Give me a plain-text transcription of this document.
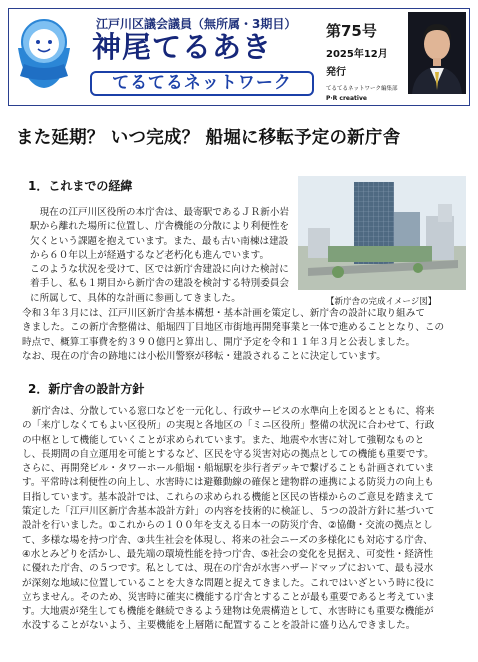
江戸川区議会議員（無所属・3期目）
神尾てるあき
てるてるネットワーク
第75号
2025年12月
発行
てるてるネットワーク編集部
P·R creative
また延期？ いつ完成？ 船堀に移転予定の新庁舎
1．これまでの経緯
　現在の江戸川区役所の本庁舎は、最寄駅であるＪＲ新小岩
駅から離れた場所に位置し、庁舎機能の分散により利便性を
欠くという課題を抱えています。また、最も古い南棟は建設
から６０年以上が経過するなど老朽化も進んでいます。
このような状況を受けて、区では新庁舎建設に向けた検討に
着手し、私も１期目から新庁舎の建設を検討する特別委員会
に所属して、具体的な計画に参画してきました。	【新庁舎の完成イメージ図】
令和３年３月には、江戸川区新庁舎基本構想・基本計画を策定し、新庁舎の設計に取り組みて
きました。この新庁舎整備は、船堀四丁目地区市街地再開発事業と一体で進めることとなり、この
時点で、概算工事費を約３９０億円と算出し、開庁予定を令和１１年３月と公表しました。
なお、現在の庁舎の跡地には小松川警察が移転・建設されることに決定しています。
2．新庁舎の設計方針
　新庁舎は、分散している窓口などを一元化し、行政サービスの水準向上を図るとともに、将来
の「来庁しなくてもよい区役所」の実現と各地区の「ミニ区役所」整備の状況に合わせて、行政
の中枢として機能していくことが求められています。また、地震や水害に対して強靭なものと
し、長期間の自立運用を可能とするなど、区民を守る災害対応の拠点としての機能も重要です。
さらに、再開発ビル・タワーホール船堀・船堀駅を歩行者デッキで繋げることも計画されていま
す。平常時は利便性の向上し、水害時には避難動線の確保と建物群の連携による防災力の向上も
目指しています。基本設計では、これらの求められる機能と区民の皆様からのご意見を踏まえて
策定した「江戸川区新庁舎基本設計方針」の内容を技術的に検証し、５つの設計方針に基づいて
設計を行いました。①これからの１００年を支える日本一の防災庁舎、②協働・交流の拠点とし
て、多様な場を持つ庁舎、③共生社会を体現し、将来の社会ニーズの多様化にも対応する庁舎、
④水とみどりを活かし、最先端の環境性能を持つ庁舎、⑤社会の変化を見据え、可変性・経済性
に優れた庁舎、の５つです。私としては、現在の庁舎が水害ハザードマップにおいて、最も浸水
が深刻な地域に位置していることを大きな問題と捉えてきました。これではいざという時に役に
立ちません。そのため、災害時に確実に機能する庁舎とすることが最も重要であると考えていま
す。大地震が発生しても機能を継続できるよう建物は免震構造として、水害時にも重要な機能が
水没することがないよう、主要機能を上層階に配置することを設計に盛り込んできました。
